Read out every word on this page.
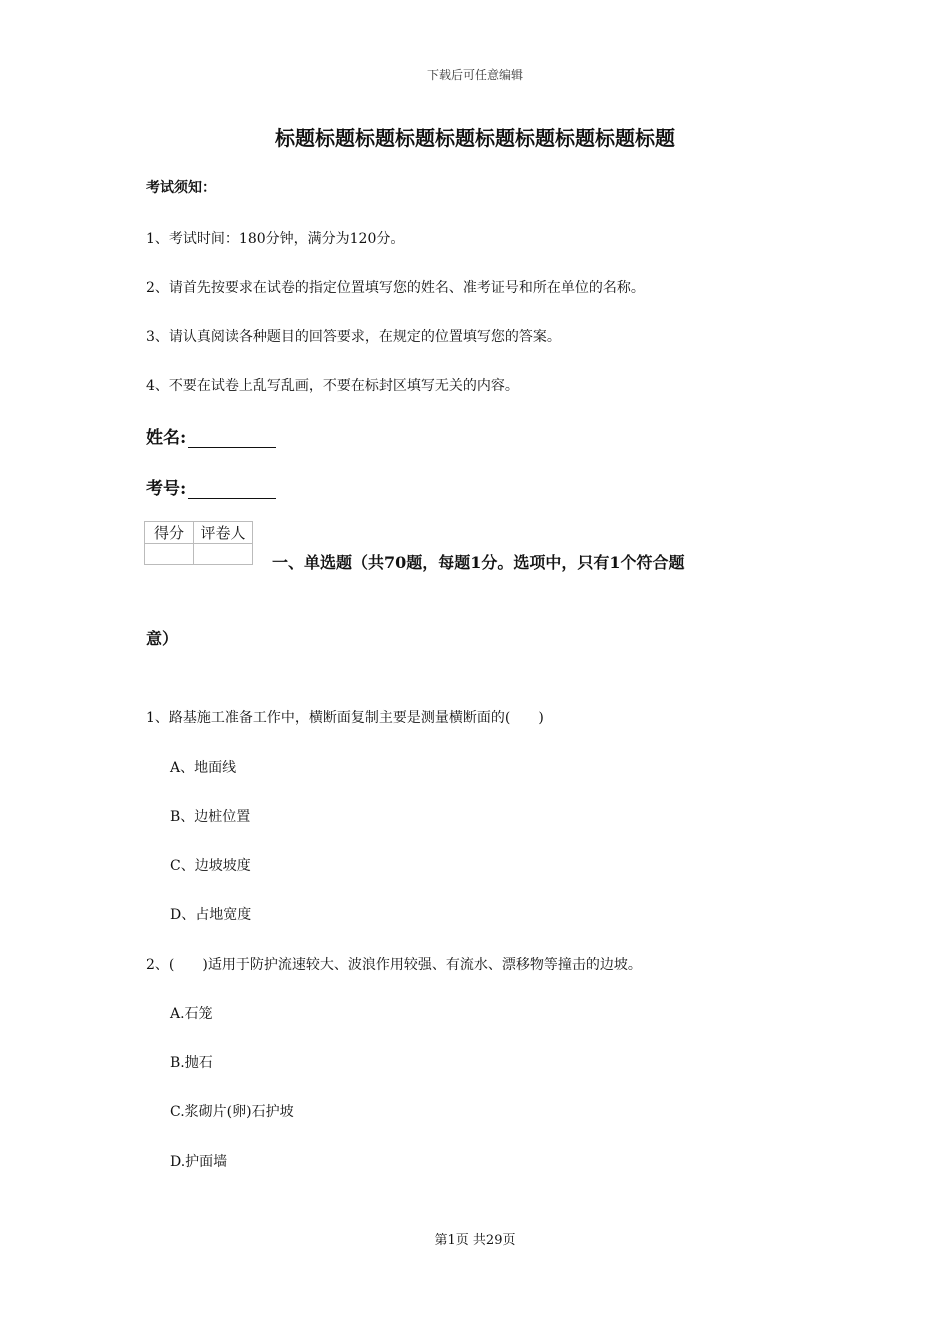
下载后可任意编辑
标题标题标题标题标题标题标题标题标题标题
考试须知：
1、考试时间：180分钟，满分为120分。
2、请首先按要求在试卷的指定位置填写您的姓名、准考证号和所在单位的名称。
3、请认真阅读各种题目的回答要求，在规定的位置填写您的答案。
4、不要在试卷上乱写乱画，不要在标封区填写无关的内容。
姓名:
考号:
得分	评卷人

一、单选题（共70题，每题1分。选项中，只有1个符合题
意）
1、路基施工准备工作中，横断面复制主要是测量横断面的(　　)
A、地面线
B、边桩位置
C、边坡坡度
D、占地宽度
2、(　　)适用于防护流速较大、波浪作用较强、有流水、漂移物等撞击的边坡。
A.石笼
B.抛石
C.浆砌片(卵)石护坡
D.护面墙
第1页 共29页
